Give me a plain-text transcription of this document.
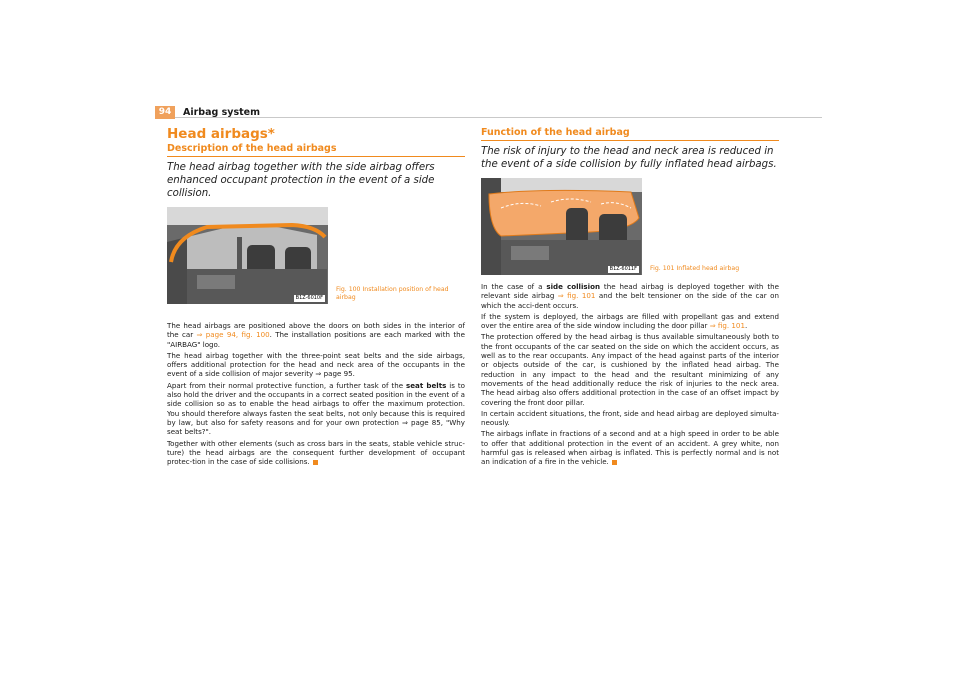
94	Airbag system
Head airbags*
Description of the head airbags

The head airbag together with the side airbag offers enhanced occupant protection in the event of a side collision.

B1Z-6010F
Fig. 100 Installation position of head airbag

The head airbags are positioned above the doors on both sides in the interior of the car ⇒ page 94, fig. 100. The installation positions are each marked with the "AIRBAG" logo.

The head airbag together with the three-point seat belts and the side airbags, offers additional protection for the head and neck area of the occupants in the event of a side collision of major severity ⇒ page 95.

Apart from their normal protective function, a further task of the seat belts is to also hold the driver and the occupants in a correct seated position in the event of a side collision so as to enable the head airbags to offer the maximum protection. You should therefore always fasten the seat belts, not only because this is required by law, but also for safety reasons and for your own protection ⇒ page 85, "Why seat belts?".

Together with other elements (such as cross bars in the seats, stable vehicle struc-ture) the head airbags are the consequent further development of occupant protec-tion in the case of side collisions.

Function of the head airbag

The risk of injury to the head and neck area is reduced in the event of a side collision by fully inflated head airbags.

B1Z-6011F	Fig. 101 Inflated head airbag

In the case of a side collision the head airbag is deployed together with the relevant side airbag ⇒ fig. 101 and the belt tensioner on the side of the car on which the acci-dent occurs.

If the system is deployed, the airbags are filled with propellant gas and extend over the entire area of the side window including the door pillar ⇒ fig. 101.

The protection offered by the head airbag is thus available simultaneously both to the front occupants of the car seated on the side on which the accident occurs, as well as to the rear occupants. Any impact of the head against parts of the interior or objects outside of the car, is cushioned by the inflated head airbag. The reduction in any impact to the head and the resultant minimizing of any movements of the head additionally reduce the risk of injuries to the neck area. The head airbag also offers additional protection in the case of an offset impact by covering the front door pillar.

In certain accident situations, the front, side and head airbag are deployed simulta-neously.

The airbags inflate in fractions of a second and at a high speed in order to be able to offer that additional protection in the event of an accident. A grey white, non harmful gas is released when airbag is inflated. This is perfectly normal and is not an indication of a fire in the vehicle.
